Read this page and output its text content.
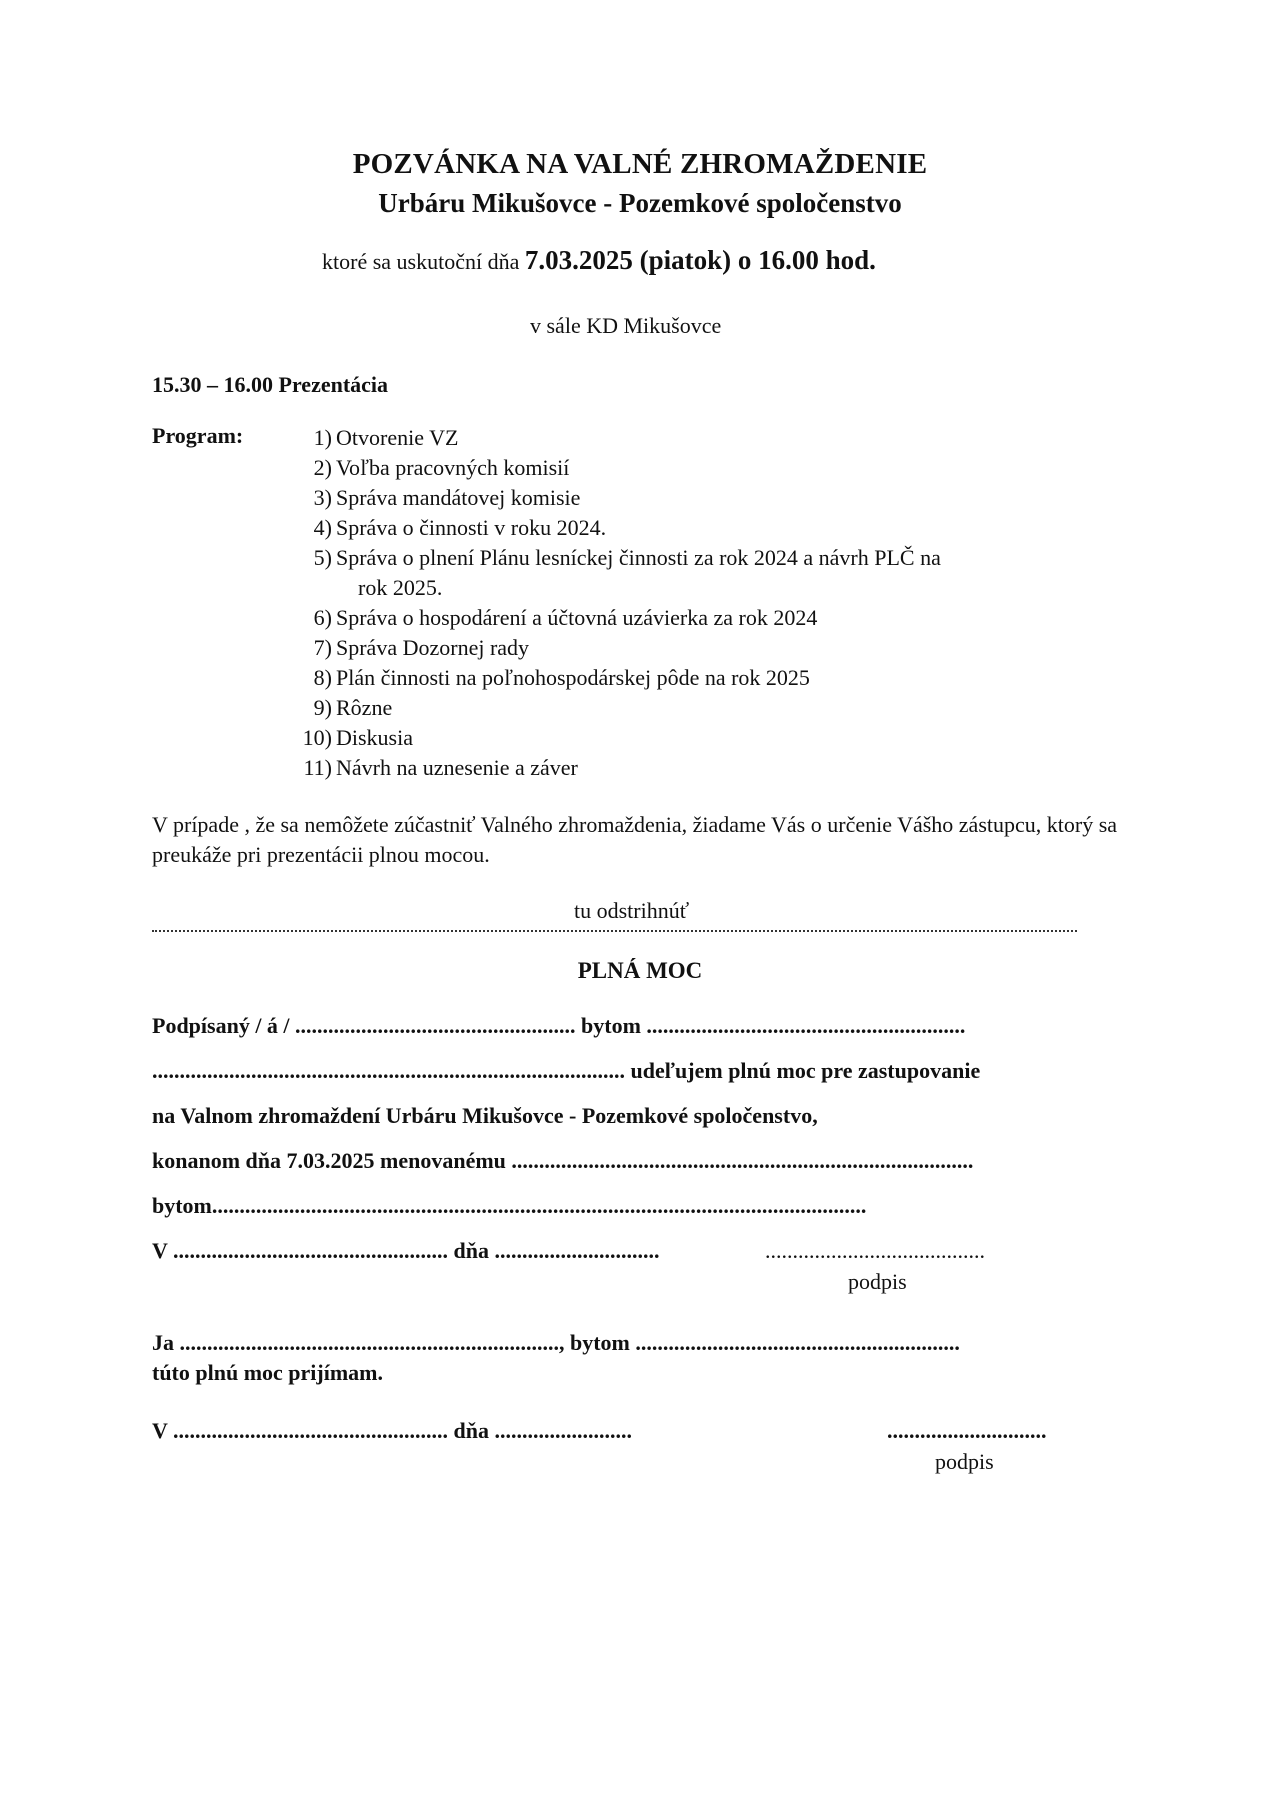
POZVÁNKA NA VALNÉ ZHROMAŽDENIE
Urbáru Mikušovce - Pozemkové spoločenstvo
ktoré sa uskutoční dňa 7.03.2025 (piatok) o 16.00 hod.
v sále KD Mikušovce
15.30 – 16.00 Prezentácia
Program:	1) Otvorenie VZ
2) Voľba pracovných komisií
3) Správa mandátovej komisie
4) Správa o činnosti v roku 2024.
5) Správa o plnení Plánu lesníckej činnosti za rok 2024 a návrh PLČ na
rok 2025.
6) Správa o hospodárení a účtovná uzávierka za rok 2024
7) Správa Dozornej rady
8) Plán činnosti na poľnohospodárskej pôde na rok 2025
9) Rôzne
10) Diskusia
11) Návrh na uznesenie a záver
V prípade , že sa nemôžete zúčastniť Valného zhromaždenia, žiadame Vás o určenie Vášho zástupcu, ktorý sa preukáže pri prezentácii plnou mocou.
tu odstrihnúť
PLNÁ MOC
Podpísaný / á / ................................................... bytom ..........................................................
...................................................................................... udeľujem plnú moc pre zastupovanie
na Valnom zhromaždení Urbáru Mikušovce - Pozemkové spoločenstvo,
konanom dňa 7.03.2025 menovanému ....................................................................................
bytom.......................................................................................................................
V .................................................. dňa ..............................	........................................
podpis
Ja ....................................................................., bytom ...........................................................
túto plnú moc prijímam.
V .................................................. dňa .........................	.............................
podpis
